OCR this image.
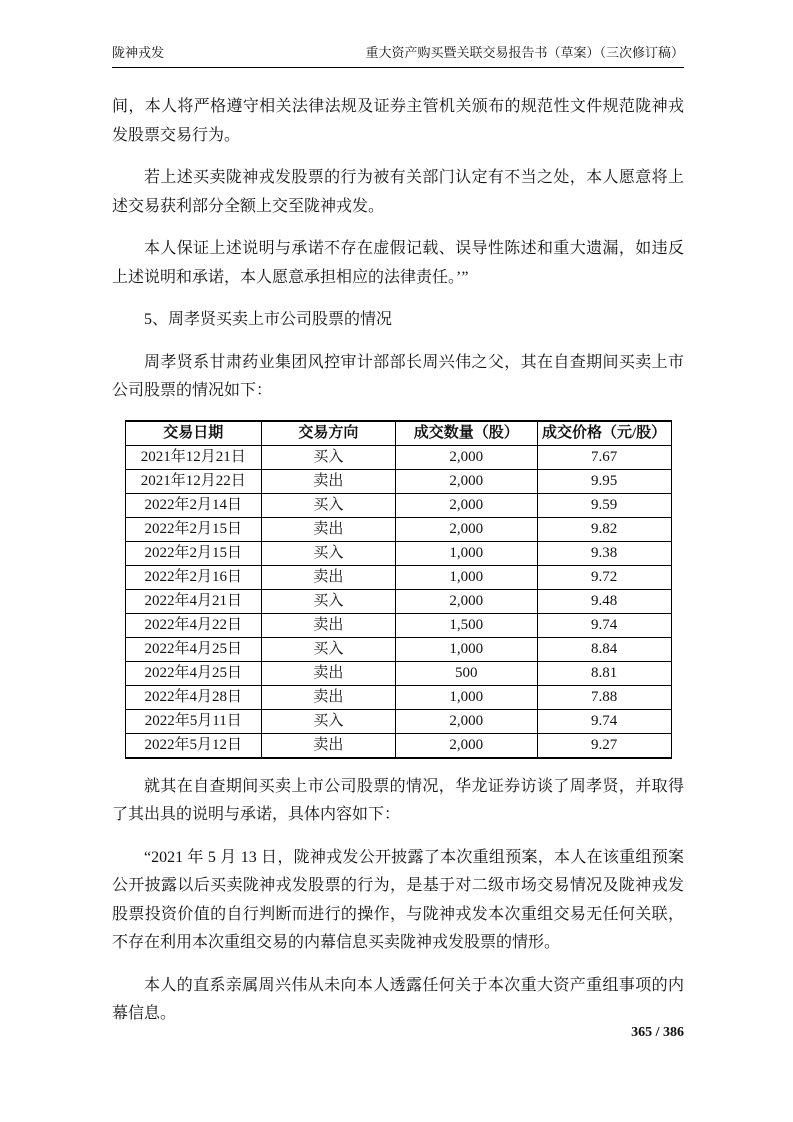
陇神戎发	重大资产购买暨关联交易报告书（草案）（三次修订稿）

间，本人将严格遵守相关法律法规及证券主管机关颁布的规范性文件规范陇神戎发股票交易行为。

若上述买卖陇神戎发股票的行为被有关部门认定有不当之处，本人愿意将上述交易获利部分全额上交至陇神戎发。

本人保证上述说明与承诺不存在虚假记载、误导性陈述和重大遗漏，如违反上述说明和承诺，本人愿意承担相应的法律责任。’”

5、周孝贤买卖上市公司股票的情况

周孝贤系甘肃药业集团风控审计部部长周兴伟之父，其在自查期间买卖上市公司股票的情况如下：

交易日期	交易方向	成交数量（股）	成交价格（元/股）
2021年12月21日	买入	2,000	7.67
2021年12月22日	卖出	2,000	9.95
2022年2月14日	买入	2,000	9.59
2022年2月15日	卖出	2,000	9.82
2022年2月15日	买入	1,000	9.38
2022年2月16日	卖出	1,000	9.72
2022年4月21日	买入	2,000	9.48
2022年4月22日	卖出	1,500	9.74
2022年4月25日	买入	1,000	8.84
2022年4月25日	卖出	500	8.81
2022年4月28日	卖出	1,000	7.88
2022年5月11日	买入	2,000	9.74
2022年5月12日	卖出	2,000	9.27

就其在自查期间买卖上市公司股票的情况，华龙证券访谈了周孝贤，并取得了其出具的说明与承诺，具体内容如下：

“2021 年 5 月 13 日，陇神戎发公开披露了本次重组预案，本人在该重组预案公开披露以后买卖陇神戎发股票的行为，是基于对二级市场交易情况及陇神戎发股票投资价值的自行判断而进行的操作，与陇神戎发本次重组交易无任何关联，不存在利用本次重组交易的内幕信息买卖陇神戎发股票的情形。

本人的直系亲属周兴伟从未向本人透露任何关于本次重大资产重组事项的内幕信息。

365 / 386
